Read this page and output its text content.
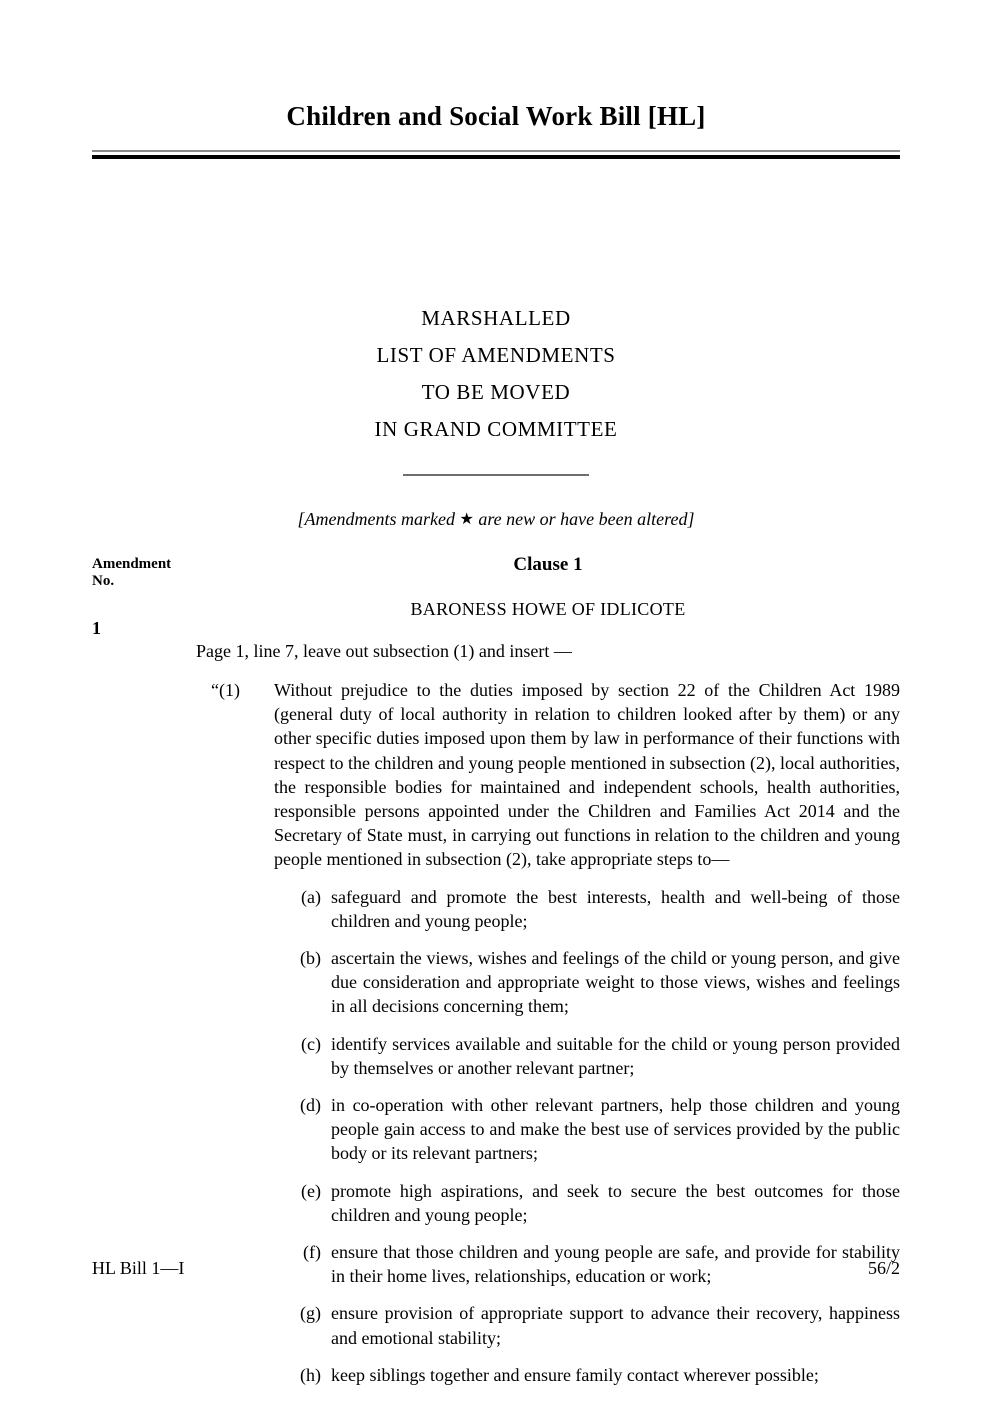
Children and Social Work Bill [HL]
MARSHALLED
LIST OF AMENDMENTS
TO BE MOVED
IN GRAND COMMITTEE
[Amendments marked ★ are new or have been altered]
Amendment
No.
1
Clause 1
BARONESS HOWE OF IDLICOTE
Page 1, line 7, leave out subsection (1) and insert —
“(1)	Without prejudice to the duties imposed by section 22 of the Children Act 1989 (general duty of local authority in relation to children looked after by them) or any other specific duties imposed upon them by law in performance of their functions with respect to the children and young people mentioned in subsection (2), local authorities, the responsible bodies for maintained and independent schools, health authorities, responsible persons appointed under the Children and Families Act 2014 and the Secretary of State must, in carrying out functions in relation to the children and young people mentioned in subsection (2), take appropriate steps to—
(a) safeguard and promote the best interests, health and well-being of those children and young people;
(b) ascertain the views, wishes and feelings of the child or young person, and give due consideration and appropriate weight to those views, wishes and feelings in all decisions concerning them;
(c) identify services available and suitable for the child or young person provided by themselves or another relevant partner;
(d) in co-operation with other relevant partners, help those children and young people gain access to and make the best use of services provided by the public body or its relevant partners;
(e) promote high aspirations, and seek to secure the best outcomes for those children and young people;
(f) ensure that those children and young people are safe, and provide for stability in their home lives, relationships, education or work;
(g) ensure provision of appropriate support to advance their recovery, happiness and emotional stability;
(h) keep siblings together and ensure family contact wherever possible;
HL Bill 1—I	56/2
